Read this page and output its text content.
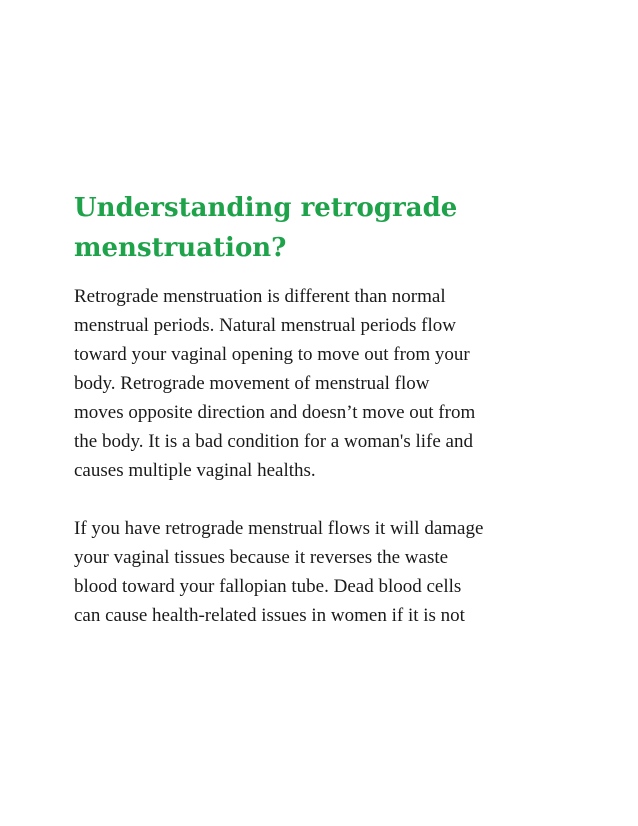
Understanding retrograde
menstruation?

Retrograde menstruation is different than normal
menstrual periods. Natural menstrual periods flow
toward your vaginal opening to move out from your
body. Retrograde movement of menstrual flow
moves opposite direction and doesn’t move out from
the body. It is a bad condition for a woman's life and
causes multiple vaginal healths.

If you have retrograde menstrual flows it will damage
your vaginal tissues because it reverses the waste
blood toward your fallopian tube. Dead blood cells
can cause health-related issues in women if it is not
